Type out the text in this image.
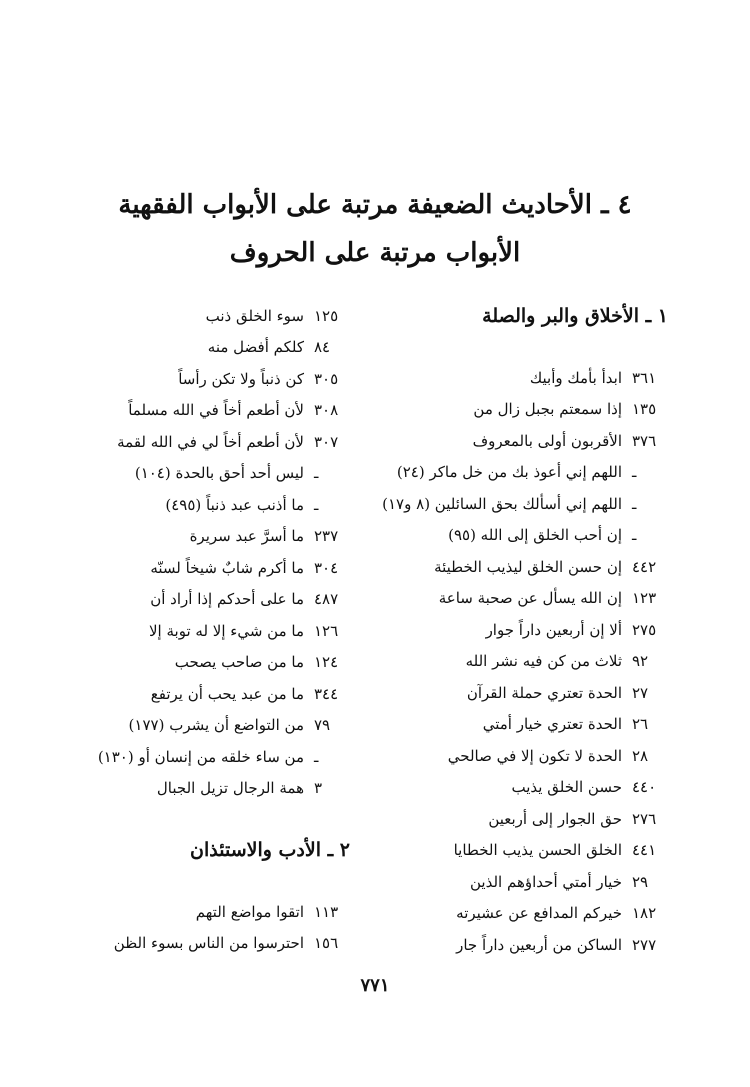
٤ ـ الأحاديث الضعيفة مرتبة على الأبواب الفقهية
الأبواب مرتبة على الحروف
١ ـ الأخلاق والبر والصلة
٣٦١
ابدأ بأمك وأبيك
١٣٥
إذا سمعتم بجبل زال من
٣٧٦
الأقربون أولى بالمعروف
ـ
اللهم إني أعوذ بك من خل ماكر (٢٤)
ـ
اللهم إني أسألك بحق السائلين (٨ و١٧)
ـ
إن أحب الخلق إلى الله (٩٥)
٤٤٢
إن حسن الخلق ليذيب الخطيئة
١٢٣
إن الله يسأل عن صحبة ساعة
٢٧٥
ألا إن أربعين داراً جوار
٩٢
ثلاث من كن فيه نشر الله
٢٧
الحدة تعتري حملة القرآن
٢٦
الحدة تعتري خيار أمتي
٢٨
الحدة لا تكون إلا في صالحي
٤٤٠
حسن الخلق يذيب
٢٧٦
حق الجوار إلى أربعين
٤٤١
الخلق الحسن يذيب الخطايا
٢٩
خيار أمتي أحداؤهم الذين
١٨٢
خيركم المدافع عن عشيرته
٢٧٧
الساكن من أربعين داراً جار
١٢٥
سوء الخلق ذنب
٨٤
كلكم أفضل منه
٣٠٥
كن ذنباً ولا تكن رأساً
٣٠٨
لأن أطعم أخاً في الله مسلماً
٣٠٧
لأن أطعم أخاً لي في الله لقمة
ـ
ليس أحد أحق بالحدة (١٠٤)
ـ
ما أذنب عبد ذنباً (٤٩٥)
٢٣٧
ما أسرَّ عبد سريرة
٣٠٤
ما أكرم شابٌ شيخاً لسنّه
٤٨٧
ما على أحدكم إذا أراد أن
١٢٦
ما من شيء إلا له توبة إلا
١٢٤
ما من صاحب يصحب
٣٤٤
ما من عبد يحب أن يرتفع
٧٩
من التواضع أن يشرب (١٧٧)
ـ
من ساء خلقه من إنسان أو (١٣٠)
٣
همة الرجال تزيل الجبال
٢ ـ الأدب والاستئذان
١١٣
اتقوا مواضع التهم
١٥٦
احترسوا من الناس بسوء الظن
٧٧١
